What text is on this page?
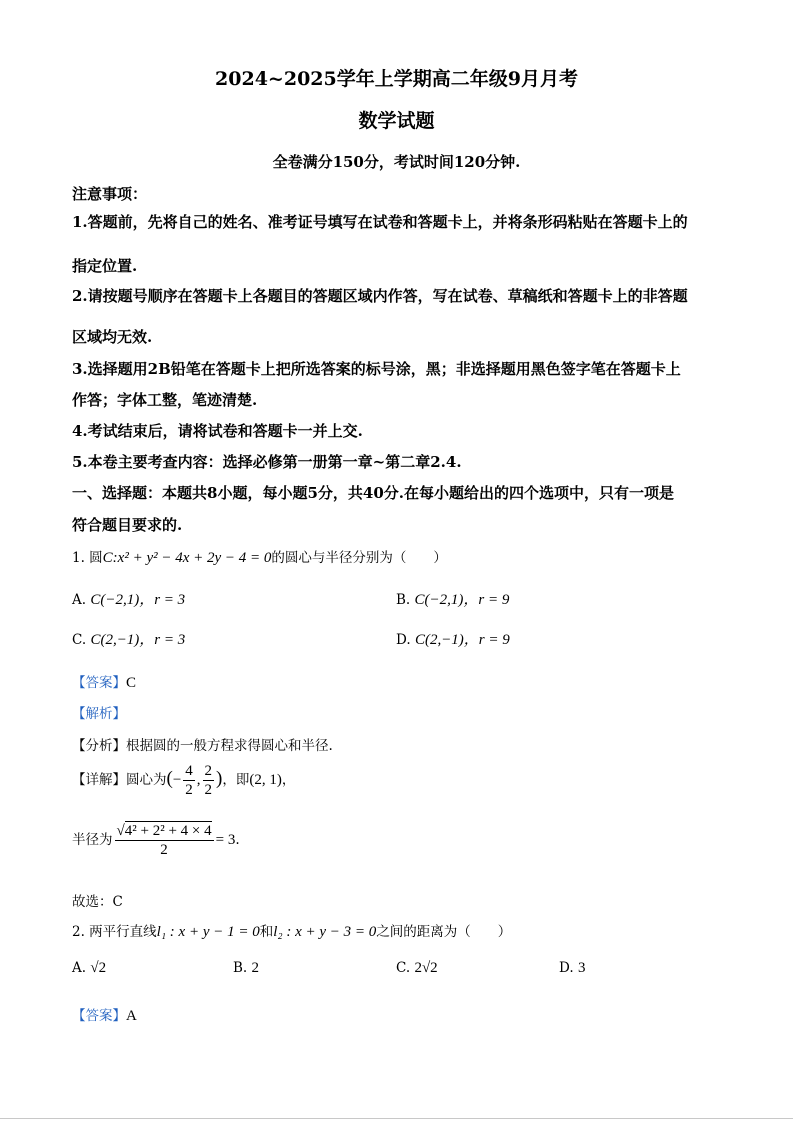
2024~2025学年上学期高二年级9月月考
数学试题
全卷满分150分，考试时间120分钟.
注意事项：
1.答题前，先将自己的姓名、准考证号填写在试卷和答题卡上，并将条形码粘贴在答题卡上的
指定位置.
2.请按题号顺序在答题卡上各题目的答题区域内作答，写在试卷、草稿纸和答题卡上的非答题
区域均无效.
3.选择题用2B铅笔在答题卡上把所选答案的标号涂，黑；非选择题用黑色签字笔在答题卡上
作答；字体工整，笔迹清楚.
4.考试结束后，请将试卷和答题卡一并上交.
5.本卷主要考查内容：选择必修第一册第一章~第二章2.4.
一、选择题：本题共8小题，每小题5分，共40分.在每小题给出的四个选项中，只有一项是
符合题目要求的.
1. 圆C:x² + y² − 4x + 2y − 4 = 0的圆心与半径分别为（　　）
A. C(−2,1)，r = 3	B. C(−2,1)，r = 9
C. C(2,−1)，r = 3	D. C(2,−1)，r = 9
【答案】C
【解析】
【分析】根据圆的一般方程求得圆心和半径.
【详解】圆心为(− $\frac{4}{2}$ , $\frac{2}{2}$ )，即(2, 1)，
半径为 $\frac{\text{√4² + 2² + 4 × 4}}{2} = 3$.
故选：C
2. 两平行直线l₁ : x + y − 1 = 0和l₂ : x + y − 3 = 0之间的距离为（　　）
A. √2	B. 2	C. 2√2	D. 3
【答案】A
